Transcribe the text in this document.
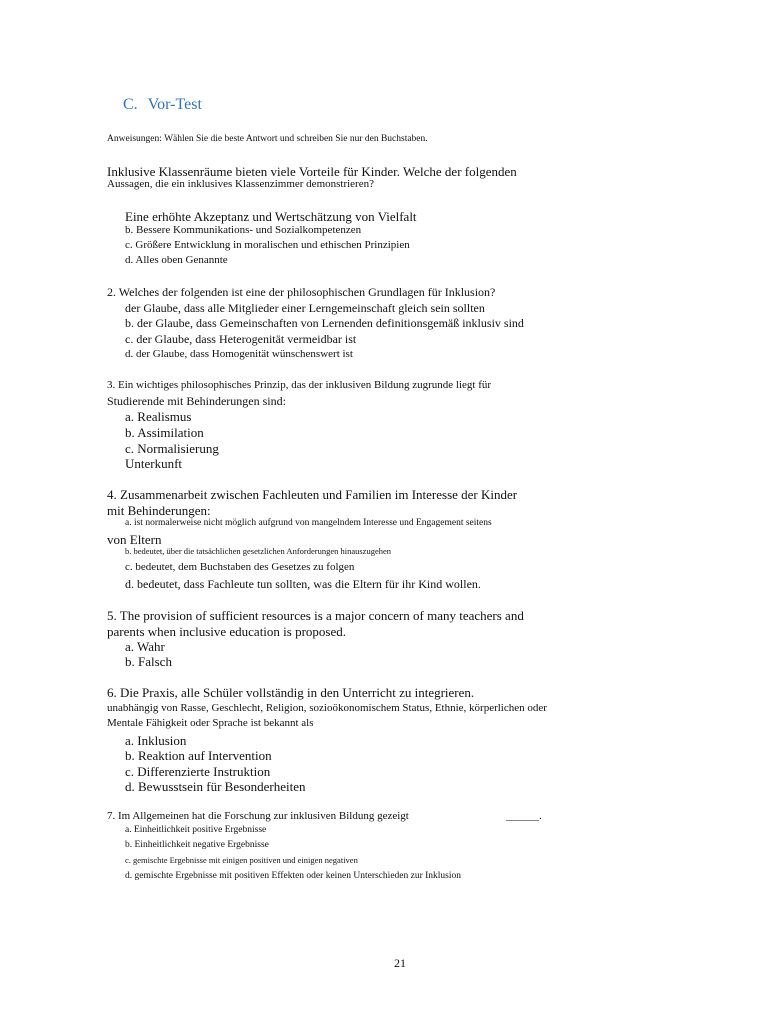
C. Vor-Test
Anweisungen: Wählen Sie die beste Antwort und schreiben Sie nur den Buchstaben.
Inklusive Klassenräume bieten viele Vorteile für Kinder. Welche der folgenden
Aussagen, die ein inklusives Klassenzimmer demonstrieren?
Eine erhöhte Akzeptanz und Wertschätzung von Vielfalt
b. Bessere Kommunikations- und Sozialkompetenzen
c. Größere Entwicklung in moralischen und ethischen Prinzipien
d. Alles oben Genannte
2. Welches der folgenden ist eine der philosophischen Grundlagen für Inklusion?
der Glaube, dass alle Mitglieder einer Lerngemeinschaft gleich sein sollten
b. der Glaube, dass Gemeinschaften von Lernenden definitionsgemäß inklusiv sind
c. der Glaube, dass Heterogenität vermeidbar ist
d. der Glaube, dass Homogenität wünschenswert ist
3. Ein wichtiges philosophisches Prinzip, das der inklusiven Bildung zugrunde liegt für
Studierende mit Behinderungen sind:
a. Realismus
b. Assimilation
c. Normalisierung
Unterkunft
4. Zusammenarbeit zwischen Fachleuten und Familien im Interesse der Kinder
mit Behinderungen:
a. ist normalerweise nicht möglich aufgrund von mangelndem Interesse und Engagement seitens
von Eltern
b. bedeutet, über die tatsächlichen gesetzlichen Anforderungen hinauszugehen
c. bedeutet, dem Buchstaben des Gesetzes zu folgen
d. bedeutet, dass Fachleute tun sollten, was die Eltern für ihr Kind wollen.
5. The provision of sufficient resources is a major concern of many teachers and
parents when inclusive education is proposed.
a. Wahr
b. Falsch
6. Die Praxis, alle Schüler vollständig in den Unterricht zu integrieren.
unabhängig von Rasse, Geschlecht, Religion, sozioökonomischem Status, Ethnie, körperlichen oder
Mentale Fähigkeit oder Sprache ist bekannt als
a. Inklusion
b. Reaktion auf Intervention
c. Differenzierte Instruktion
d. Bewusstsein für Besonderheiten
7. Im Allgemeinen hat die Forschung zur inklusiven Bildung gezeigt	______.
a. Einheitlichkeit positive Ergebnisse
b. Einheitlichkeit negative Ergebnisse
c. gemischte Ergebnisse mit einigen positiven und einigen negativen
d. gemischte Ergebnisse mit positiven Effekten oder keinen Unterschieden zur Inklusion
21
